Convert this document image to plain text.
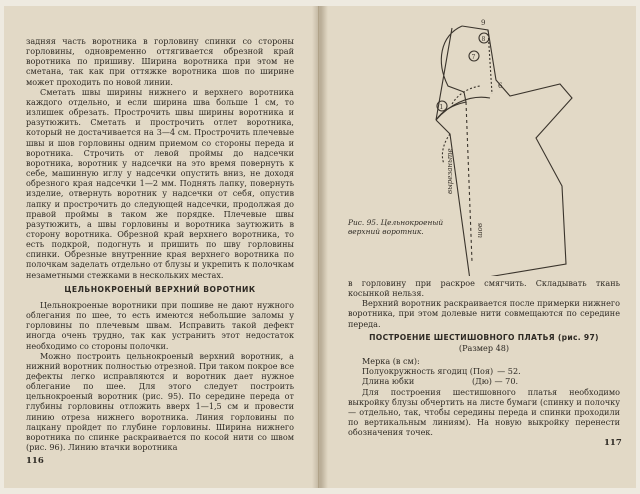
задняя часть воротника в горловину спинки со стороны горловины, одновременно оттягивается обрезной край воротника по пришиву. Ширина воротника при этом не сметана, так как при оттяжке воротника шов по ширине может проходить по новой линии.

Сметать швы ширины нижнего и верхнего воротника каждого отдельно, и если ширина шва больше 1 см, то излишек обрезать. Прострочить швы ширины воротника и разутюжить. Сметать и прострочить отлет воротника, который не достачивается на 3—4 см. Прострочить плечевые швы и шов горловины одним приемом со стороны переда и воротника. Строчить от левой проймы до надсечки воротника, воротник у надсечки на это время повернуть к себе, машинную иглу у надсечки опустить вниз, не доходя обрезного края надсечки 1—2 мм. Поднять лапку, повернуть изделие, отвернуть воротник у надсечки от себя, опустив лапку и прострочить до следующей надсечки, продолжая до правой проймы в таком же порядке. Плечевые швы разутюжить, а швы горловины и воротника заутюжить в сторону воротника. Обрезной край верхнего воротника, то есть подкрой, подогнуть и пришить по шву горловины спинки. Обрезные внутренние края верхнего воротника по полочкам заделать отдельно от блузы и укрепить к полочкам незаметными стежками в нескольких местах.

ЦЕЛЬНОКРОЕНЫЙ ВЕРХНИЙ ВОРОТНИК

Цельнокроеные воротники при пошиве не дают нужного облегания по шее, то есть имеются небольшие заломы у горловины по плечевым швам. Исправить такой дефект иногда очень трудно, так как устранить этот недостаток необходимо со стороны полочки.

Можно построить цельнокроеный верхний воротник, а нижний воротник полностью отрезной. При таком покрое все дефекты легко исправляются и воротник дает нужное облегание по шее. Для этого следует построить цельнокроеный воротник (рис. 95). По середине переда от глубины горловины отложить вверх 1—1,5 см и провести линию отреза нижнего воротника. Линия горловины по лацкану пройдет по глубине горловины. Ширина нижнего воротника по спинке раскраивается по косой нити со швом (рис. 96). Линию втачки воротника

116
9
8
7
6
1
вырезаньте
шов
Рис. 95. Цельнокроеный верхний воротник.

в горловину при раскрое смягчить. Складывать ткань косынкой нельзя.

Верхний воротник раскраивается после примерки нижнего воротника, при этом долевые нити совмещаются по середине переда.

ПОСТРОЕНИЕ ШЕСТИШОВНОГО ПЛАТЬЯ (рис. 97)
(Размер 48)

Мерка (в см):

Полуокружность ягодиц (Поя) — 52.
Длина юбки	(Дю) — 70.

Для построения шестишовного платья необходимо выкройку блузы обчертить на листе бумаги (спинку и полочку — отдельно, так, чтобы середины переда и спинки проходили по вертикальным линиям). На новую выкройку перенести обозначения точек.

117
